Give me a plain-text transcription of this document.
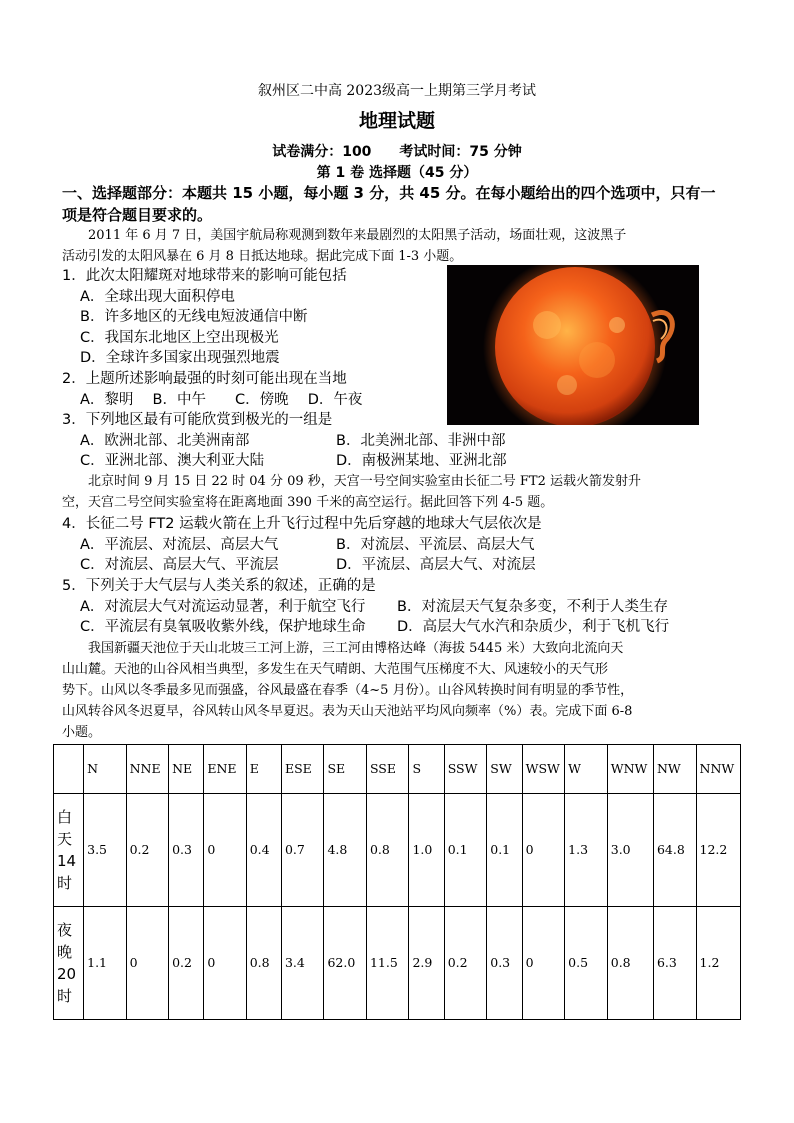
叙州区二中高 2023级高一上期第三学月考试
地理试题
试卷满分：100　　考试时间：75 分钟
第 1 卷 选择题（45 分）
一、选择题部分：本题共 15 小题，每小题 3 分，共 45 分。在每小题给出的四个选项中，只有一
项是符合题目要求的。
2011 年 6 月 7 日，美国宇航局称观测到数年来最剧烈的太阳黑子活动，场面壮观，这波黑子
活动引发的太阳风暴在 6 月 8 日抵达地球。据此完成下面 1-3 小题。
1．此次太阳耀斑对地球带来的影响可能包括
A．全球出现大面积停电
B．许多地区的无线电短波通信中断
C．我国东北地区上空出现极光
D．全球许多国家出现强烈地震
2．上题所述影响最强的时刻可能出现在当地
A．黎明　 B．中午　　C．傍晚　 D．午夜
3．下列地区最有可能欣赏到极光的一组是
A．欧洲北部、北美洲南部	B．北美洲北部、非洲中部
C．亚洲北部、澳大利亚大陆	D．南极洲某地、亚洲北部
北京时间 9 月 15 日 22 时 04 分 09 秒，天宫一号空间实验室由长征二号 FT2 运载火箭发射升
空，天宫二号空间实验室将在距离地面 390 千米的高空运行。据此回答下列 4-5 题。
4．长征二号 FT2 运载火箭在上升飞行过程中先后穿越的地球大气层依次是
A．平流层、对流层、高层大气	B．对流层、平流层、高层大气
C．对流层、高层大气、平流层	D．平流层、高层大气、对流层
5．下列关于大气层与人类关系的叙述，正确的是
A．对流层大气对流运动显著，利于航空飞行 B．对流层天气复杂多变，不利于人类生存
C．平流层有臭氧吸收紫外线，保护地球生命 D．高层大气水汽和杂质少，利于飞机飞行
我国新疆天池位于天山北坡三工河上游，三工河由博格达峰（海拔 5445 米）大致向北流向天
山山麓。天池的山谷风相当典型，多发生在天气晴朗、大范围气压梯度不大、风速较小的天气形
势下。山风以冬季最多见而强盛，谷风最盛在春季（4~5 月份）。山谷风转换时间有明显的季节性，
山风转谷风冬迟夏早，谷风转山风冬早夏迟。表为天山天池站平均风向频率（%）表。完成下面 6-8
小题。
	N	NNE	NE	ENE	E	ESE	SE	SSE	S	SSW	SW	WSW	W	WNW	NW	NNW
白天14时	3.5	0.2	0.3	0	0.4	0.7	4.8	0.8	1.0	0.1	0.1	0	1.3	3.0	64.8	12.2
夜晚20时	1.1	0	0.2	0	0.8	3.4	62.0	11.5	2.9	0.2	0.3	0	0.5	0.8	6.3	1.2
